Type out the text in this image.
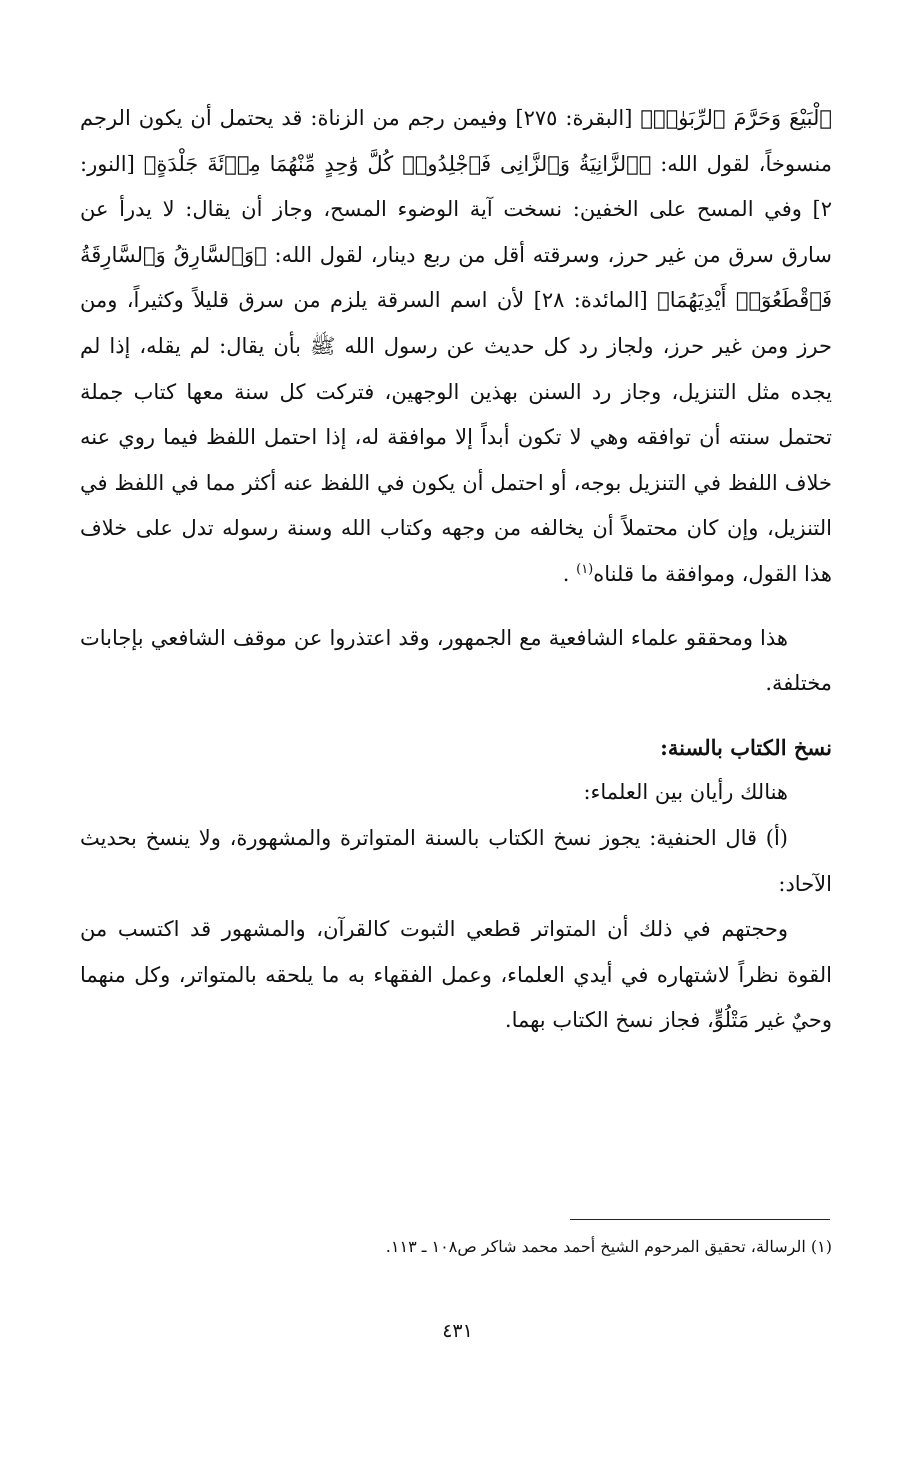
ٱلْبَيْعَ وَحَرَّمَ ٱلرِّبَوٰا۟﴾ [البقرة: ٢٧٥] وفيمن رجم من الزناة: قد يحتمل أن يكون الرجم منسوخاً، لقول الله: ﴿ٱلزَّانِيَةُ وَٱلزَّانِى فَٱجْلِدُوا۟ كُلَّ وَٰحِدٍ مِّنْهُمَا مِا۟ئَةَ جَلْدَةٍ﴾ [النور: ٢] وفي المسح على الخفين: نسخت آية الوضوء المسح، وجاز أن يقال: لا يدرأ عن سارق سرق من غير حرز، وسرقته أقل من ربع دينار، لقول الله: ﴿وَٱلسَّارِقُ وَٱلسَّارِقَةُ فَٱقْطَعُوٓا۟ أَيْدِيَهُمَا﴾ [المائدة: ٢٨] لأن اسم السرقة يلزم من سرق قليلاً وكثيراً، ومن حرز ومن غير حرز، ولجاز رد كل حديث عن رسول الله ﷺ بأن يقال: لم يقله، إذا لم يجده مثل التنزيل، وجاز رد السنن بهذين الوجهين، فتركت كل سنة معها كتاب جملة تحتمل سنته أن توافقه وهي لا تكون أبداً إلا موافقة له، إذا احتمل اللفظ فيما روي عنه خلاف اللفظ في التنزيل بوجه، أو احتمل أن يكون في اللفظ عنه أكثر مما في اللفظ في التنزيل، وإن كان محتملاً أن يخالفه من وجهه وكتاب الله وسنة رسوله تدل على خلاف هذا القول، وموافقة ما قلناه$^{(١)}$ .

هذا ومحققو علماء الشافعية مع الجمهور، وقد اعتذروا عن موقف الشافعي بإجابات مختلفة.

نسخ الكتاب بالسنة:

هنالك رأيان بين العلماء:

(أ) قال الحنفية: يجوز نسخ الكتاب بالسنة المتواترة والمشهورة، ولا ينسخ بحديث الآحاد:

وحجتهم في ذلك أن المتواتر قطعي الثبوت كالقرآن، والمشهور قد اكتسب من القوة نظراً لاشتهاره في أيدي العلماء، وعمل الفقهاء به ما يلحقه بالمتواتر، وكل منهما وحيٌ غير مَتْلُوٍّ، فجاز نسخ الكتاب بهما.

(١) الرسالة، تحقيق المرحوم الشيخ أحمد محمد شاكر ص١٠٨ ـ ١١٣.
٤٣١
